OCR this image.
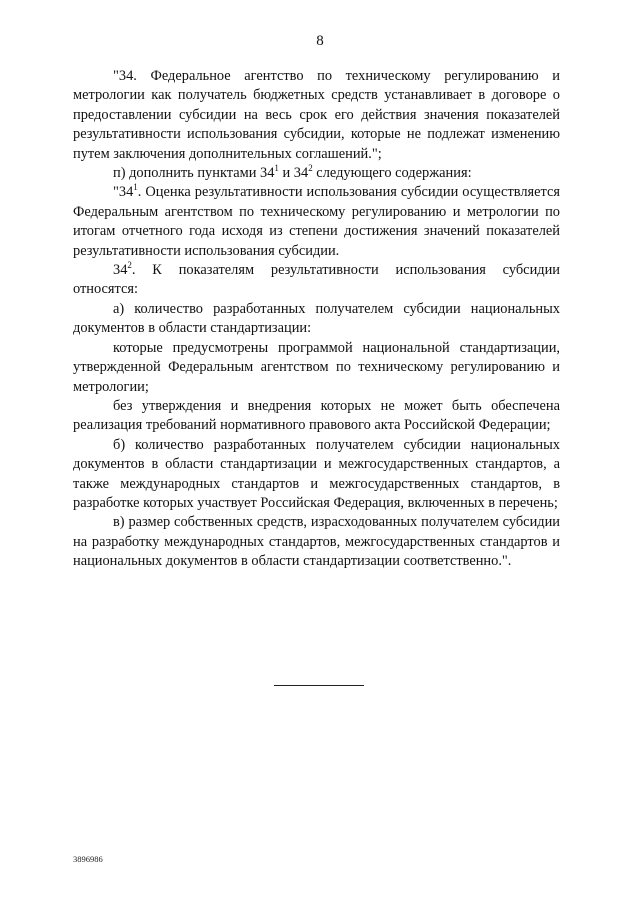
8

"34. Федеральное агентство по техническому регулированию и метрологии как получатель бюджетных средств устанавливает в договоре о предоставлении субсидии на весь срок его действия значения показателей результативности использования субсидии, которые не подлежат изменению путем заключения дополнительных соглашений.";

п) дополнить пунктами $34^1$ и $34^2$ следующего содержания:

"$34^1$. Оценка результативности использования субсидии осуществляется Федеральным агентством по техническому регулированию и метрологии по итогам отчетного года исходя из степени достижения значений показателей результативности использования субсидии.

$34^2$. К показателям результативности использования субсидии относятся:

а) количество разработанных получателем субсидии национальных документов в области стандартизации:

которые предусмотрены программой национальной стандартизации, утвержденной Федеральным агентством по техническому регулированию и метрологии;

без утверждения и внедрения которых не может быть обеспечена реализация требований нормативного правового акта Российской Федерации;

б) количество разработанных получателем субсидии национальных документов в области стандартизации и межгосударственных стандартов, а также международных стандартов и межгосударственных стандартов, в разработке которых участвует Российская Федерация, включенных в перечень;

в) размер собственных средств, израсходованных получателем субсидии на разработку международных стандартов, межгосударственных стандартов и национальных документов в области стандартизации соответственно.".

3896986
